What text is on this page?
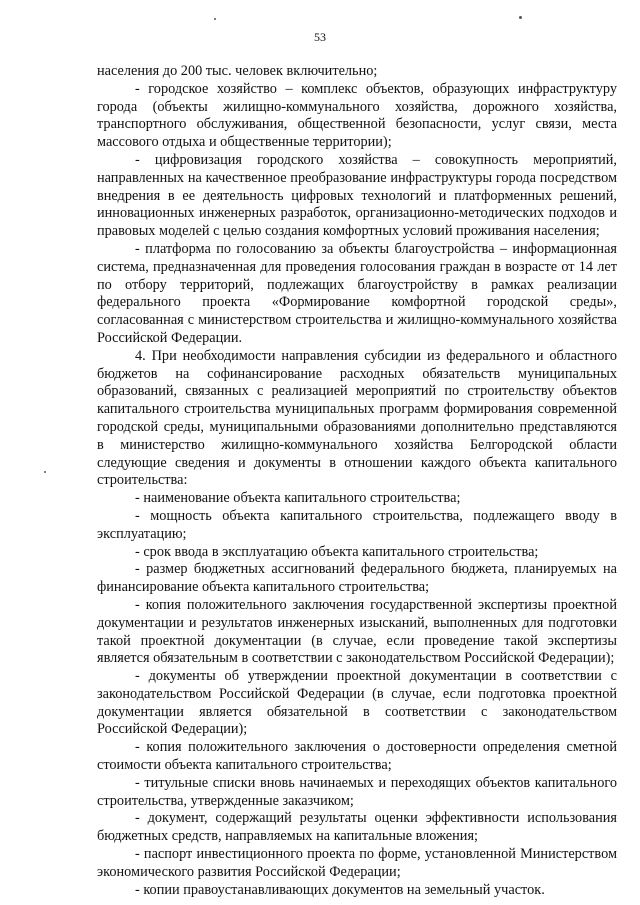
53

населения до 200 тыс. человек включительно;

- городское хозяйство – комплекс объектов, образующих инфраструктуру города (объекты жилищно-коммунального хозяйства, дорожного хозяйства, транспортного обслуживания, общественной безопасности, услуг связи, места массового отдыха и общественные территории);

- цифровизация городского хозяйства – совокупность мероприятий, направленных на качественное преобразование инфраструктуры города посредством внедрения в ее деятельность цифровых технологий и платформенных решений, инновационных инженерных разработок, организационно-методических подходов и правовых моделей с целью создания комфортных условий проживания населения;

- платформа по голосованию за объекты благоустройства – информационная система, предназначенная для проведения голосования граждан в возрасте от 14 лет по отбору территорий, подлежащих благоустройству в рамках реализации федерального проекта «Формирование комфортной городской среды», согласованная с министерством строительства и жилищно-коммунального хозяйства Российской Федерации.

4. При необходимости направления субсидии из федерального и областного бюджетов на софинансирование расходных обязательств муниципальных образований, связанных с реализацией мероприятий по строительству объектов капитального строительства муниципальных программ формирования современной городской среды, муниципальными образованиями дополнительно представляются в министерство жилищно-коммунального хозяйства Белгородской области следующие сведения и документы в отношении каждого объекта капитального строительства:

- наименование объекта капитального строительства;

- мощность объекта капитального строительства, подлежащего вводу в эксплуатацию;

- срок ввода в эксплуатацию объекта капитального строительства;

- размер бюджетных ассигнований федерального бюджета, планируемых на финансирование объекта капитального строительства;

- копия положительного заключения государственной экспертизы проектной документации и результатов инженерных изысканий, выполненных для подготовки такой проектной документации (в случае, если проведение такой экспертизы является обязательным в соответствии с законодательством Российской Федерации);

- документы об утверждении проектной документации в соответствии с законодательством Российской Федерации (в случае, если подготовка проектной документации является обязательной в соответствии с законодательством Российской Федерации);

- копия положительного заключения о достоверности определения сметной стоимости объекта капитального строительства;

- титульные списки вновь начинаемых и переходящих объектов капитального строительства, утвержденные заказчиком;

- документ, содержащий результаты оценки эффективности использования бюджетных средств, направляемых на капитальные вложения;

- паспорт инвестиционного проекта по форме, установленной Министерством экономического развития Российской Федерации;

- копии правоустанавливающих документов на земельный участок.
